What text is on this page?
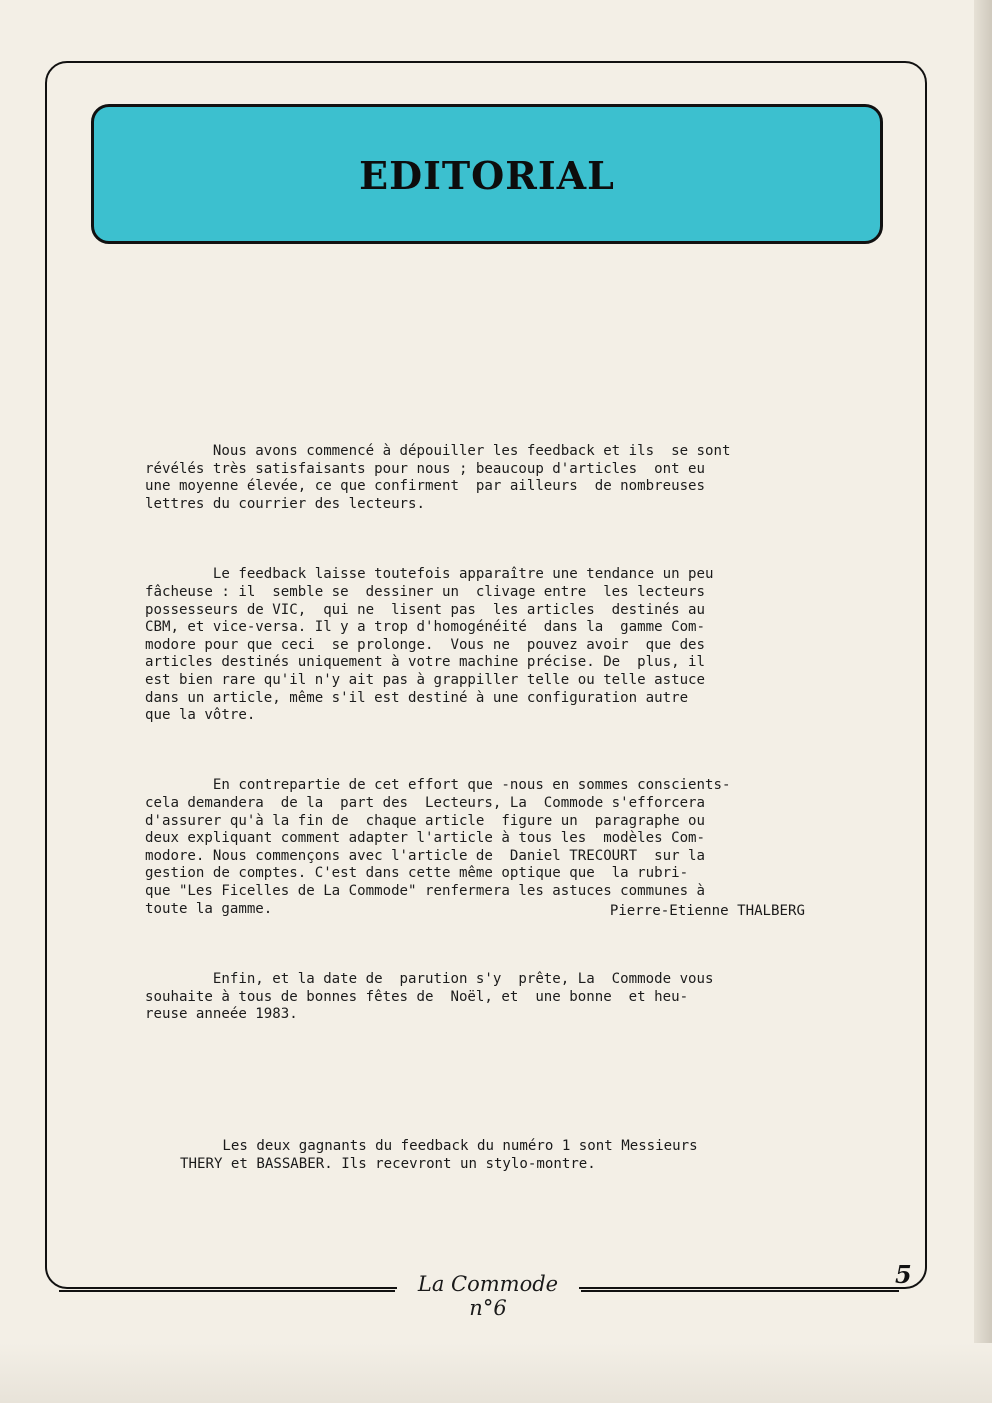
EDITORIAL

Nous avons commencé à dépouiller les feedback et ils  se sont
révélés très satisfaisants pour nous ; beaucoup d'articles  ont eu
une moyenne élevée, ce que confirment  par ailleurs  de nombreuses
lettres du courrier des lecteurs.

Le feedback laisse toutefois apparaître une tendance un peu
fâcheuse : il  semble se  dessiner un  clivage entre  les lecteurs
possesseurs de VIC,  qui ne  lisent pas  les articles  destinés au
CBM, et vice-versa. Il y a trop d'homogénéité  dans la  gamme Com-
modore pour que ceci  se prolonge.  Vous ne  pouvez avoir  que des
articles destinés uniquement à votre machine précise. De  plus, il
est bien rare qu'il n'y ait pas à grappiller telle ou telle astuce
dans un article, même s'il est destiné à une configuration autre
que la vôtre.

En contrepartie de cet effort que -nous en sommes conscients-
cela demandera  de la  part des  Lecteurs, La  Commode s'efforcera
d'assurer qu'à la fin de  chaque article  figure un  paragraphe ou
deux expliquant comment adapter l'article à tous les  modèles Com-
modore. Nous commençons avec l'article de  Daniel TRECOURT  sur la
gestion de comptes. C'est dans cette même optique que  la rubri-
que "Les Ficelles de La Commode" renfermera les astuces communes à
toute la gamme.

Enfin, et la date de  parution s'y  prête, La  Commode vous
souhaite à tous de bonnes fêtes de  Noël, et  une bonne  et heu-
reuse anneée 1983.

Pierre-Etienne THALBERG
Les deux gagnants du feedback du numéro 1 sont Messieurs
THERY et BASSABER. Ils recevront un stylo-montre.
La Commode n°6
5
